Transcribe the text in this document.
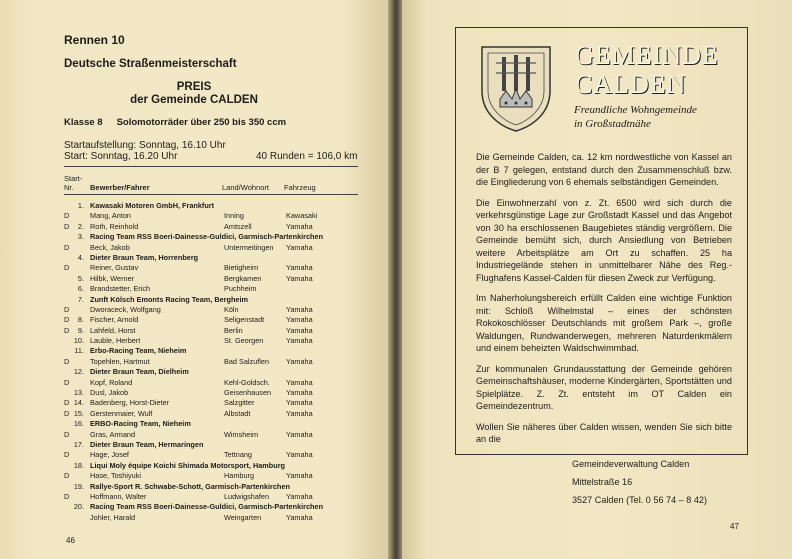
Rennen 10
Deutsche Straßenmeisterschaft
PREIS
der Gemeinde CALDEN
Klasse 8 Solomotorräder über 250 bis 350 ccm
Startaufstellung: Sonntag, 16.10 Uhr
Start: Sonntag, 16.20 Uhr	40 Runden = 106,0 km
Start-
Nr.	Bewerber/Fahrer	Land/Wohnort Fahrzeug
1. Kawasaki Motoren GmbH, Frankfurt
D	Mang, Anton	Inning	Kawasaki
D	2. Roth, Reinhold	Amtszell	Yamaha
3. Racing Team RSS Boeri-Dainesse-Guldici, Garmisch-Partenkirchen
D	Beck, Jakob	Untermeitingen Yamaha
4. Dieter Braun Team, Horrenberg
D	Reiner, Gustav	Bietigheim	Yamaha
5. Hilbk, Werner	Bergkamen	Yamaha
6. Brandstetter, Erich	Puchheim
7. Zunft Kölsch Emonts Racing Team, Bergheim
D	Dworaceck, Wolfgang	Köln	Yamaha
D	8. Fischer, Arnold	Seligenstadt	Yamaha
D	9. Lahfeld, Horst	Berlin	Yamaha
10. Lauble, Herbert	St. Georgen	Yamaha
11. Erbo-Racing Team, Nieheim
D	Topehlen, Hartmut	Bad Salzuflen Yamaha
12. Dieter Braun Team, Dielheim
D	Kopf, Roland	Kehl-Goldsch. Yamaha
13. Dusl, Jakob	Geisenhausen Yamaha
D 14. Badenberg, Horst-Dieter	Salzgitter	Yamaha
D 15. Gerstenmaier, Wulf	Albstadt	Yamaha
16. ERBO-Racing Team, Nieheim
D	Gras, Armand	Wimsheim	Yamaha
17. Dieter Braun Team, Hermaringen
D	Hage, Josef	Tettnang	Yamaha
18. Liqui Moly équipe Koichi Shimada Motorsport, Hamburg
D	Hase, Toshiyuki	Hamburg	Yamaha
19. Rallye-Sport R. Schwabe-Schott, Garmisch-Partenkirchen
D	Hoffmann, Walter	Ludwigshafen Yamaha
20. Racing Team RSS Boeri-Dainesse-Guldici, Garmisch-Partenkirchen
Johler, Harald	Weingarten	Yamaha
46
GEMEINDE
CALDEN
Freundliche Wohngemeinde
in Großstadtnähe

Die Gemeinde Calden, ca. 12 km nordwestliche von Kassel an der B 7 gelegen, entstand durch den Zusammenschluß bzw. die Eingliederung von 6 ehemals selbständigen Gemeinden.

Die Einwohnerzahl von z. Zt. 6500 wird sich durch die verkehrsgünstige Lage zur Großstadt Kassel und das Angebot von 30 ha erschlossenen Baugebietes ständig vergrößern. Die Gemeinde bemüht sich, durch Ansiedlung von Betrieben weitere Arbeitsplätze am Ort zu schaffen. 25 ha Industriegelände stehen in unmittelbarer Nähe des Reg.-Flughafens Kassel-Calden für diesen Zweck zur Verfügung.

Im Naherholungsbereich erfüllt Calden eine wichtige Funktion mit: Schloß Wilhelmstal – eines der schönsten Rokokoschlösser Deutschlands mit großem Park –, große Waldungen, Rundwanderwegen, mehreren Naturdenkmälern und einem beheizten Waldschwimmbad.

Zur kommunalen Grundausstattung der Gemeinde gehören Gemeinschaftshäuser, moderne Kindergärten, Sportstätten und Spielplätze. Z. Zt. entsteht im OT Calden ein Gemeindezentrum.

Wollen Sie näheres über Calden wissen, wenden Sie sich bitte an die

Gemeindeverwaltung Calden
Mittelstraße 16
3527 Calden (Tel. 0 56 74 – 8 42)
47
